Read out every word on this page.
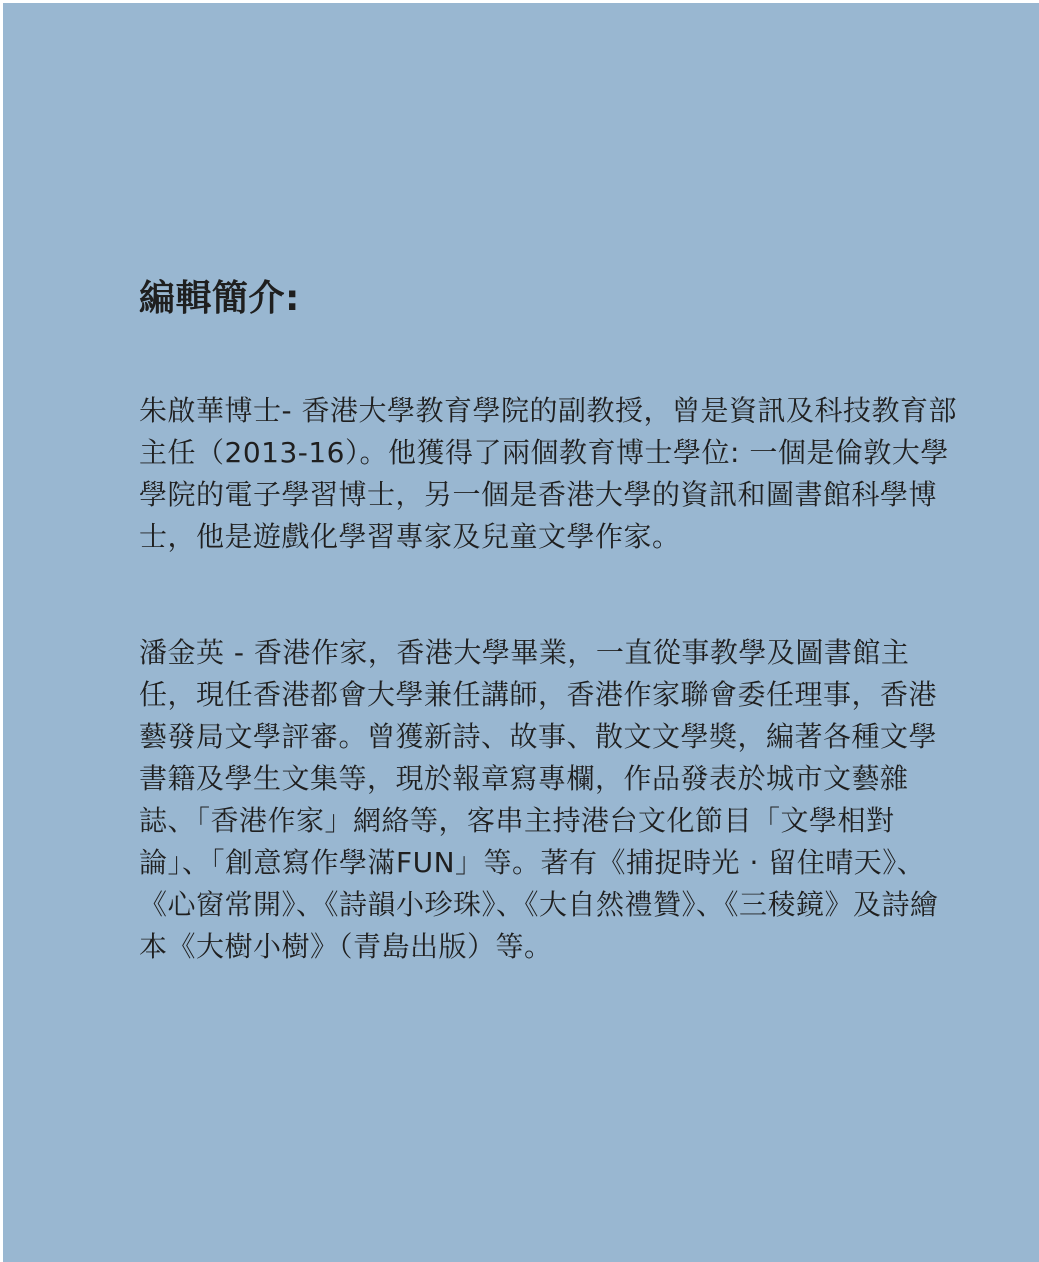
編輯簡介:

朱啟華博士- 香港大學教育學院的副教授，曾是資訊及科技教育部主任（2013-16）。他獲得了兩個教育博士學位: 一個是倫敦大學學院的電子學習博士，另一個是香港大學的資訊和圖書館科學博士，他是遊戲化學習專家及兒童文學作家。

潘金英 - 香港作家，香港大學畢業，一直從事教學及圖書館主任，現任香港都會大學兼任講師，香港作家聯會委任理事，香港藝發局文學評審。曾獲新詩、故事、散文文學獎，編著各種文學書籍及學生文集等，現於報章寫專欄，作品發表於城市文藝雜誌、「香港作家」網絡等，客串主持港台文化節目「文學相對論」、「創意寫作學滿FUN」等。著有《捕捉時光 · 留住晴天》、《心窗常開》、《詩韻小珍珠》、《大自然禮贊》、《三稜鏡》及詩繪本《大樹小樹》（青島出版）等。
